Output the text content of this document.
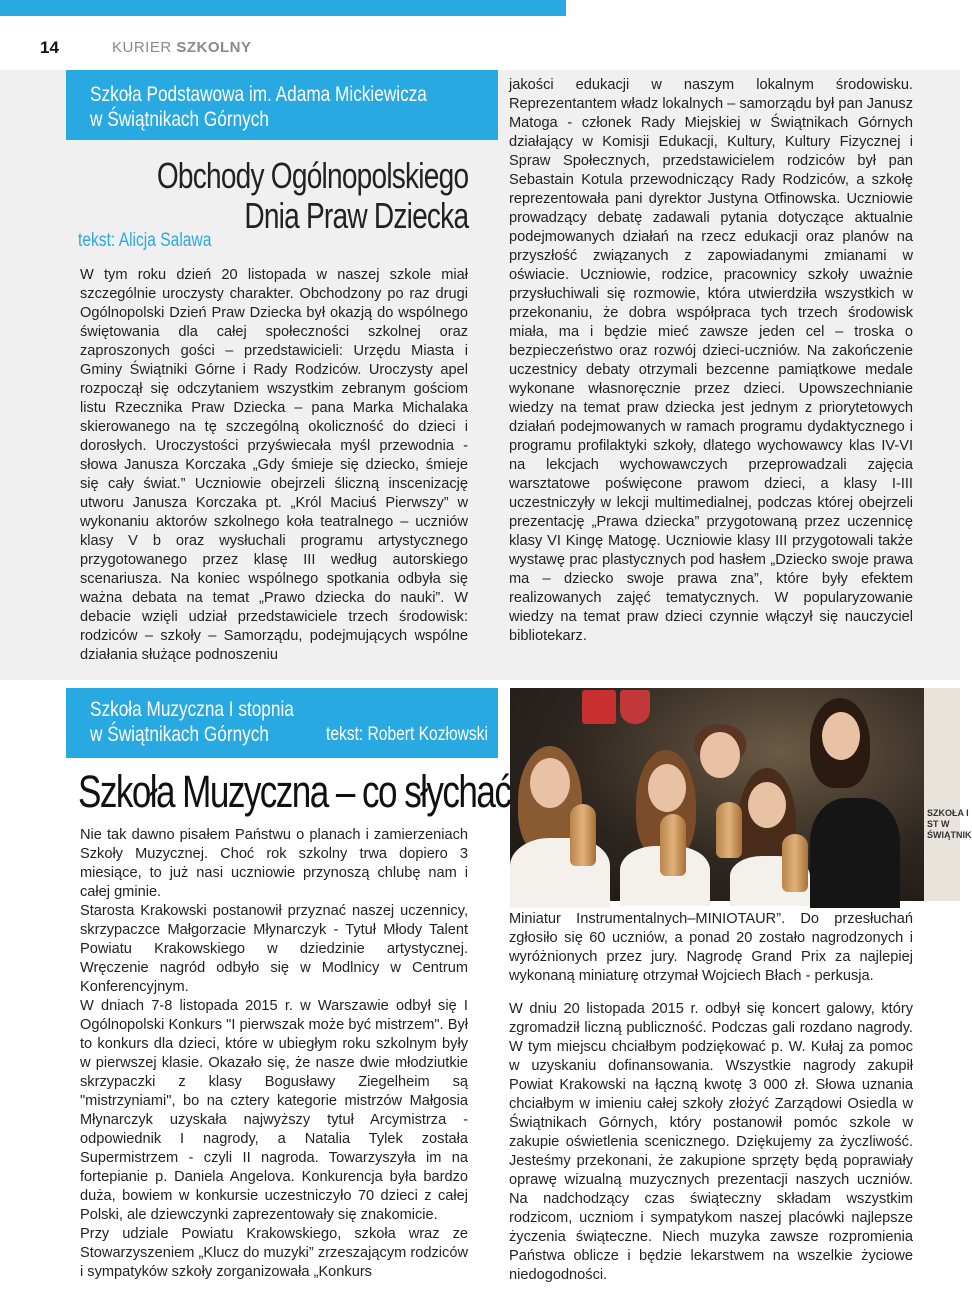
14	KURIER SZKOLNY
Szkoła Podstawowa im. Adama Mickiewicza
w Świątnikach Górnych
Obchody Ogólnopolskiego
Dnia Praw Dziecka
tekst: Alicja Salawa
W tym roku dzień 20 listopada w naszej szkole miał szczególnie uroczysty charakter. Obchodzony po raz drugi Ogólnopolski Dzień Praw Dziecka był okazją do wspólnego świętowania dla całej społeczności szkolnej oraz zaproszonych gości – przedstawicieli: Urzędu Miasta i Gminy Świątniki Górne i Rady Rodziców. Uroczysty apel rozpoczął się odczytaniem wszystkim zebranym gościom listu Rzecznika Praw Dziecka – pana Marka Michalaka skierowanego na tę szczególną okoliczność do dzieci i dorosłych. Uroczystości przyświecała myśl przewodnia - słowa Janusza Korczaka „Gdy śmieje się dziecko, śmieje się cały świat.” Uczniowie obejrzeli śliczną inscenizację utworu Janusza Korczaka pt. „Król Maciuś Pierwszy” w wykonaniu aktorów szkolnego koła teatralnego – uczniów klasy V b oraz wysłuchali programu artystycznego przygotowanego przez klasę III według autorskiego scenariusza. Na koniec wspólnego spotkania odbyła się ważna debata na temat „Prawo dziecka do nauki”. W debacie wzięli udział przedstawiciele trzech środowisk: rodziców – szkoły – Samorządu, podejmujących wspólne działania służące podnoszeniu
jakości edukacji w naszym lokalnym środowisku. Reprezentantem władz lokalnych – samorządu był pan Janusz Matoga - członek Rady Miejskiej w Świątnikach Górnych działający w Komisji Edukacji, Kultury, Kultury Fizycznej i Spraw Społecznych, przedstawicielem rodziców był pan Sebastain Kotula przewodniczący Rady Rodziców, a szkołę reprezentowała pani dyrektor Justyna Otfinowska. Uczniowie prowadzący debatę zadawali pytania dotyczące aktualnie podejmowanych działań na rzecz edukacji oraz planów na przyszłość związanych z zapowiadanymi zmianami w oświacie. Uczniowie, rodzice, pracownicy szkoły uważnie przysłuchiwali się rozmowie, która utwierdziła wszystkich w przekonaniu, że dobra współpraca tych trzech środowisk miała, ma i będzie mieć zawsze jeden cel – troska o bezpieczeństwo oraz rozwój dzieci-uczniów. Na zakończenie uczestnicy debaty otrzymali bezcenne pamiątkowe medale wykonane własnoręcznie przez dzieci. Upowszechnianie wiedzy na temat praw dziecka jest jednym z priorytetowych działań podejmowanych w ramach programu dydaktycznego i programu profilaktyki szkoły, dlatego wychowawcy klas IV-VI na lekcjach wychowawczych przeprowadzali zajęcia warsztatowe poświęcone prawom dzieci, a klasy I-III uczestniczyły w lekcji multimedialnej, podczas której obejrzeli prezentację „Prawa dziecka” przygotowaną przez uczennicę klasy VI Kingę Matogę. Uczniowie klasy III przygotowali także wystawę prac plastycznych pod hasłem „Dziecko swoje prawa ma – dziecko swoje prawa zna”, które były efektem realizowanych zajęć tematycznych. W popularyzowanie wiedzy na temat praw dzieci czynnie włączył się nauczyciel bibliotekarz.
Szkoła Muzyczna I stopnia
w Świątnikach Górnych	tekst: Robert Kozłowski
Szkoła Muzyczna – co słychać

Nie tak dawno pisałem Państwu o planach i zamierzeniach Szkoły Muzycznej. Choć rok szkolny trwa dopiero 3 miesiące, to już nasi uczniowie przynoszą chlubę nam i całej gminie.

Starosta Krakowski postanowił przyznać naszej uczennicy, skrzypaczce Małgorzacie Młynarczyk - Tytuł Młody Talent Powiatu Krakowskiego w dziedzinie artystycznej. Wręczenie nagród odbyło się w Modlnicy w Centrum Konferencyjnym.

W dniach 7-8 listopada 2015 r. w Warszawie odbył się I Ogólnopolski Konkurs "I pierwszak może być mistrzem". Był to konkurs dla dzieci, które w ubiegłym roku szkolnym były w pierwszej klasie. Okazało się, że nasze dwie młodziutkie skrzypaczki z klasy Bogusławy Ziegelheim są "mistrzyniami", bo na cztery kategorie mistrzów Małgosia Młynarczyk uzyskała najwyższy tytuł Arcymistrza - odpowiednik I nagrody, a Natalia Tylek została Supermistrzem - czyli II nagroda. Towarzyszyła im na fortepianie p. Daniela Angelova. Konkurencja była bardzo duża, bowiem w konkursie uczestniczyło 70 dzieci z całej Polski, ale dziewczynki zaprezentowały się znakomicie.

Przy udziale Powiatu Krakowskiego, szkoła wraz ze Stowarzyszeniem „Klucz do muzyki” zrzeszającym rodziców i sympatyków szkoły zorganizowała „Konkurs

SZKOŁA I ST W ŚWIĄTNIK

Miniatur Instrumentalnych–MINIOTAUR”. Do przesłuchań zgłosiło się 60 uczniów, a ponad 20 zostało nagrodzonych i wyróżnionych przez jury. Nagrodę Grand Prix za najlepiej wykonaną miniaturę otrzymał Wojciech Błach - perkusja.

W dniu 20 listopada 2015 r. odbył się koncert galowy, który zgromadził liczną publiczność. Podczas gali rozdano nagrody. W tym miejscu chciałbym podziękować p. W. Kułaj za pomoc w uzyskaniu dofinansowania. Wszystkie nagrody zakupił Powiat Krakowski na łączną kwotę 3 000 zł. Słowa uznania chciałbym w imieniu całej szkoły złożyć Zarządowi Osiedla w Świątnikach Górnych, który postanowił pomóc szkole w zakupie oświetlenia scenicznego. Dziękujemy za życzliwość. Jesteśmy przekonani, że zakupione sprzęty będą poprawiały oprawę wizualną muzycznych prezentacji naszych uczniów. Na nadchodzący czas świąteczny składam wszystkim rodzicom, uczniom i sympatykom naszej placówki najlepsze życzenia świąteczne. Niech muzyka zawsze rozpromienia Państwa oblicze i będzie lekarstwem na wszelkie życiowe niedogodności.
